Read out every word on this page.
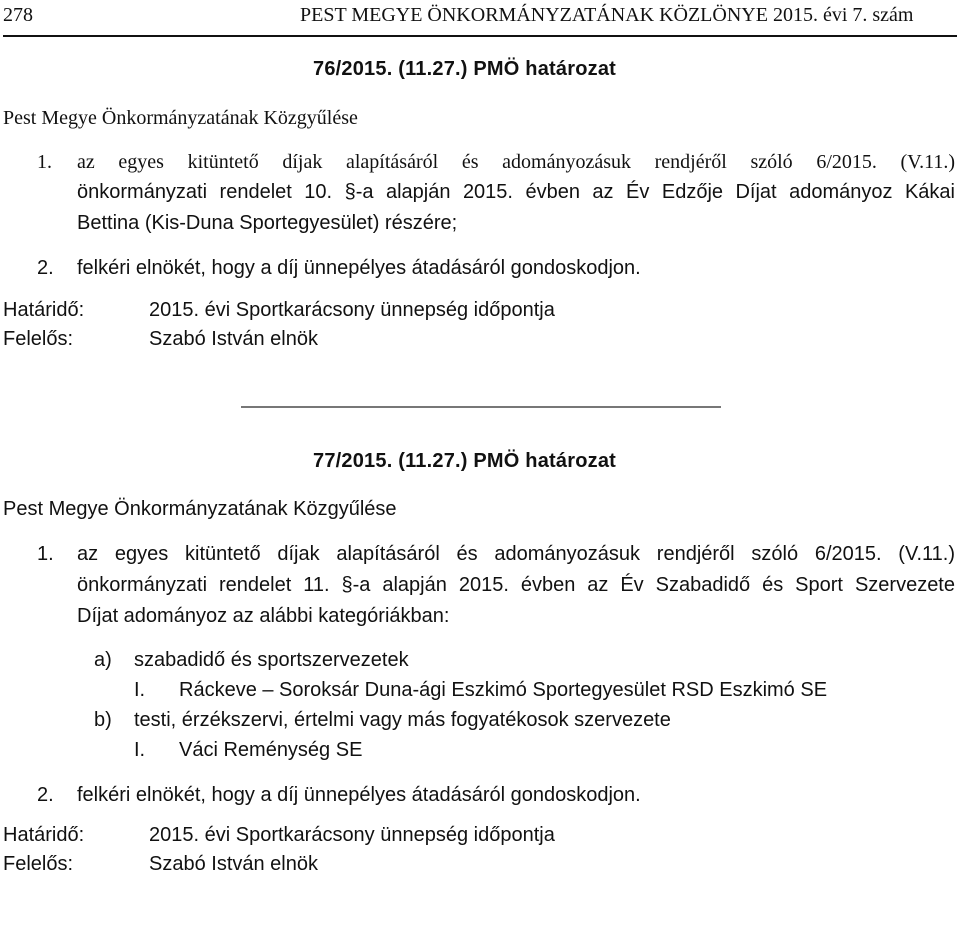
278	PEST MEGYE ÖNKORMÁNYZATÁNAK KÖZLÖNYE 2015. évi 7. szám
76/2015. (11.27.) PMÖ határozat
Pest Megye Önkormányzatának Közgyűlése
1. az egyes kitüntető díjak alapításáról és adományozásuk rendjéről szóló 6/2015. (V.11.)
önkormányzati rendelet 10. §-a alapján 2015. évben az Év Edzője Díjat adományoz Kákai
Bettina (Kis-Duna Sportegyesület) részére;
2. felkéri elnökét, hogy a díj ünnepélyes átadásáról gondoskodjon.
Határidő:	2015. évi Sportkarácsony ünnepség időpontja
Felelős:	Szabó István elnök
77/2015. (11.27.) PMÖ határozat
Pest Megye Önkormányzatának Közgyűlése
1. az egyes kitüntető díjak alapításáról és adományozásuk rendjéről szóló 6/2015. (V.11.)
önkormányzati rendelet 11. §-a alapján 2015. évben az Év Szabadidő és Sport Szervezete
Díjat adományoz az alábbi kategóriákban:
a) szabadidő és sportszervezetek
I. Ráckeve – Soroksár Duna-ági Eszkimó Sportegyesület RSD Eszkimó SE
b) testi, érzékszervi, értelmi vagy más fogyatékosok szervezete
I. Váci Reménység SE
2. felkéri elnökét, hogy a díj ünnepélyes átadásáról gondoskodjon.
Határidő:	2015. évi Sportkarácsony ünnepség időpontja
Felelős:	Szabó István elnök
